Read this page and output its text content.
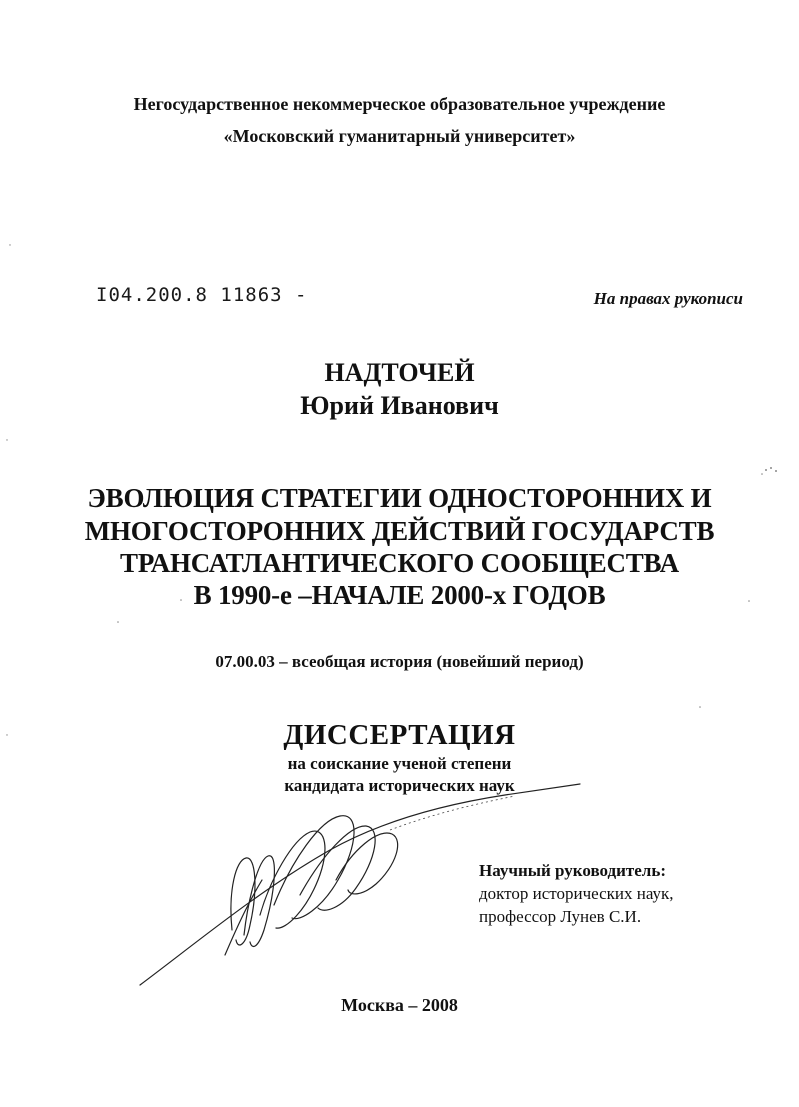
Негосударственное некоммерческое образовательное учреждение
«Московский гуманитарный университет»
I04.200.8 11863 -	На правах рукописи
НАДТОЧЕЙ
Юрий Иванович
ЭВОЛЮЦИЯ СТРАТЕГИИ ОДНОСТОРОННИХ И
МНОГОСТОРОННИХ ДЕЙСТВИЙ ГОСУДАРСТВ
ТРАНСАТЛАНТИЧЕСКОГО СООБЩЕСТВА
В 1990-е –НАЧАЛЕ 2000-х ГОДОВ
07.00.03 – всеобщая история (новейший период)
ДИССЕРТАЦИЯ
на соискание ученой степени
кандидата исторических наук
Научный руководитель:
доктор исторических наук,
профессор Лунев С.И.
Москва – 2008
